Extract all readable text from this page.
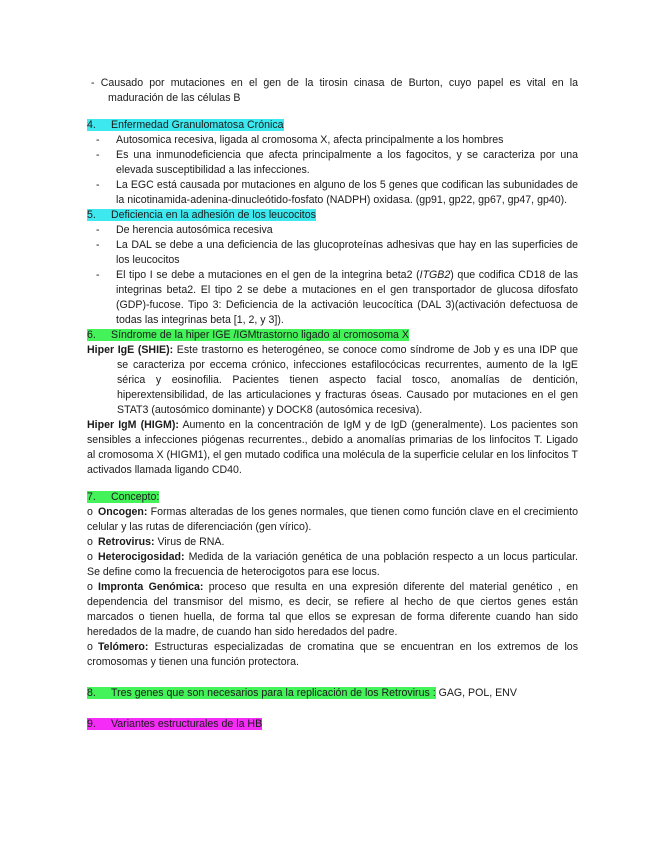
- Causado por mutaciones en el gen de la tirosin cinasa de Burton, cuyo papel es vital en la maduración de las células B
4. Enfermedad Granulomatosa Crónica
- Autosomica recesiva, ligada al cromosoma X, afecta principalmente a los hombres
- Es una inmunodeficiencia que afecta principalmente a los fagocitos, y se caracteriza por una elevada susceptibilidad a las infecciones.
- La EGC está causada por mutaciones en alguno de los 5 genes que codifican las subunidades de la nicotinamida-adenina-dinucleótido-fosfato (NADPH) oxidasa. (gp91, gp22, gp67, gp47, gp40).
5. Deficiencia en la adhesión de los leucocitos
- De herencia autosómica recesiva
- La DAL se debe a una deficiencia de las glucoproteínas adhesivas que hay en las superficies de los leucocitos
- El tipo I se debe a mutaciones en el gen de la integrina beta2 (ITGB2) que codifica CD18 de las integrinas beta2. El tipo 2 se debe a mutaciones en el gen transportador de glucosa difosfato (GDP)-fucose. Tipo 3: Deficiencia de la activación leucocítica (DAL 3)(activación defectuosa de todas las integrinas beta [1, 2, y 3]).
6. Síndrome de la hiper IGE /IGMtrastorno ligado al cromosoma X
Hiper IgE (SHIE): Este trastorno es heterogéneo, se conoce como síndrome de Job y es una IDP que se caracteriza por eccema crónico, infecciones estafilocócicas recurrentes, aumento de la IgE sérica y eosinofilia. Pacientes tienen aspecto facial tosco, anomalías de dentición, hiperextensibilidad, de las articulaciones y fracturas óseas. Causado por mutaciones en el gen STAT3 (autosómico dominante) y DOCK8 (autosómica recesiva).
Hiper IgM (HIGM): Aumento en la concentración de IgM y de IgD (generalmente). Los pacientes son sensibles a infecciones piógenas recurrentes., debido a anomalías primarias de los linfocitos T. Ligado al cromosoma X (HIGM1), el gen mutado codifica una molécula de la superficie celular en los linfocitos T activados llamada ligando CD40.
7. Concepto:
o Oncogen: Formas alteradas de los genes normales, que tienen como función clave en el crecimiento celular y las rutas de diferenciación (gen vírico).
o Retrovirus: Virus de RNA.
o Heterocigosidad: Medida de la variación genética de una población respecto a un locus particular. Se define como la frecuencia de heterocigotos para ese locus.
o Impronta Genómica: proceso que resulta en una expresión diferente del material genético , en dependencia del transmisor del mismo, es decir, se refiere al hecho de que ciertos genes están marcados o tienen huella, de forma tal que ellos se expresan de forma diferente cuando han sido heredados de la madre, de cuando han sido heredados del padre.
o Telómero: Estructuras especializadas de cromatina que se encuentran en los extremos de los cromosomas y tienen una función protectora.
8. Tres genes que son necesarios para la replicación de los Retrovirus : GAG, POL, ENV
9. Variantes estructurales de la HB
